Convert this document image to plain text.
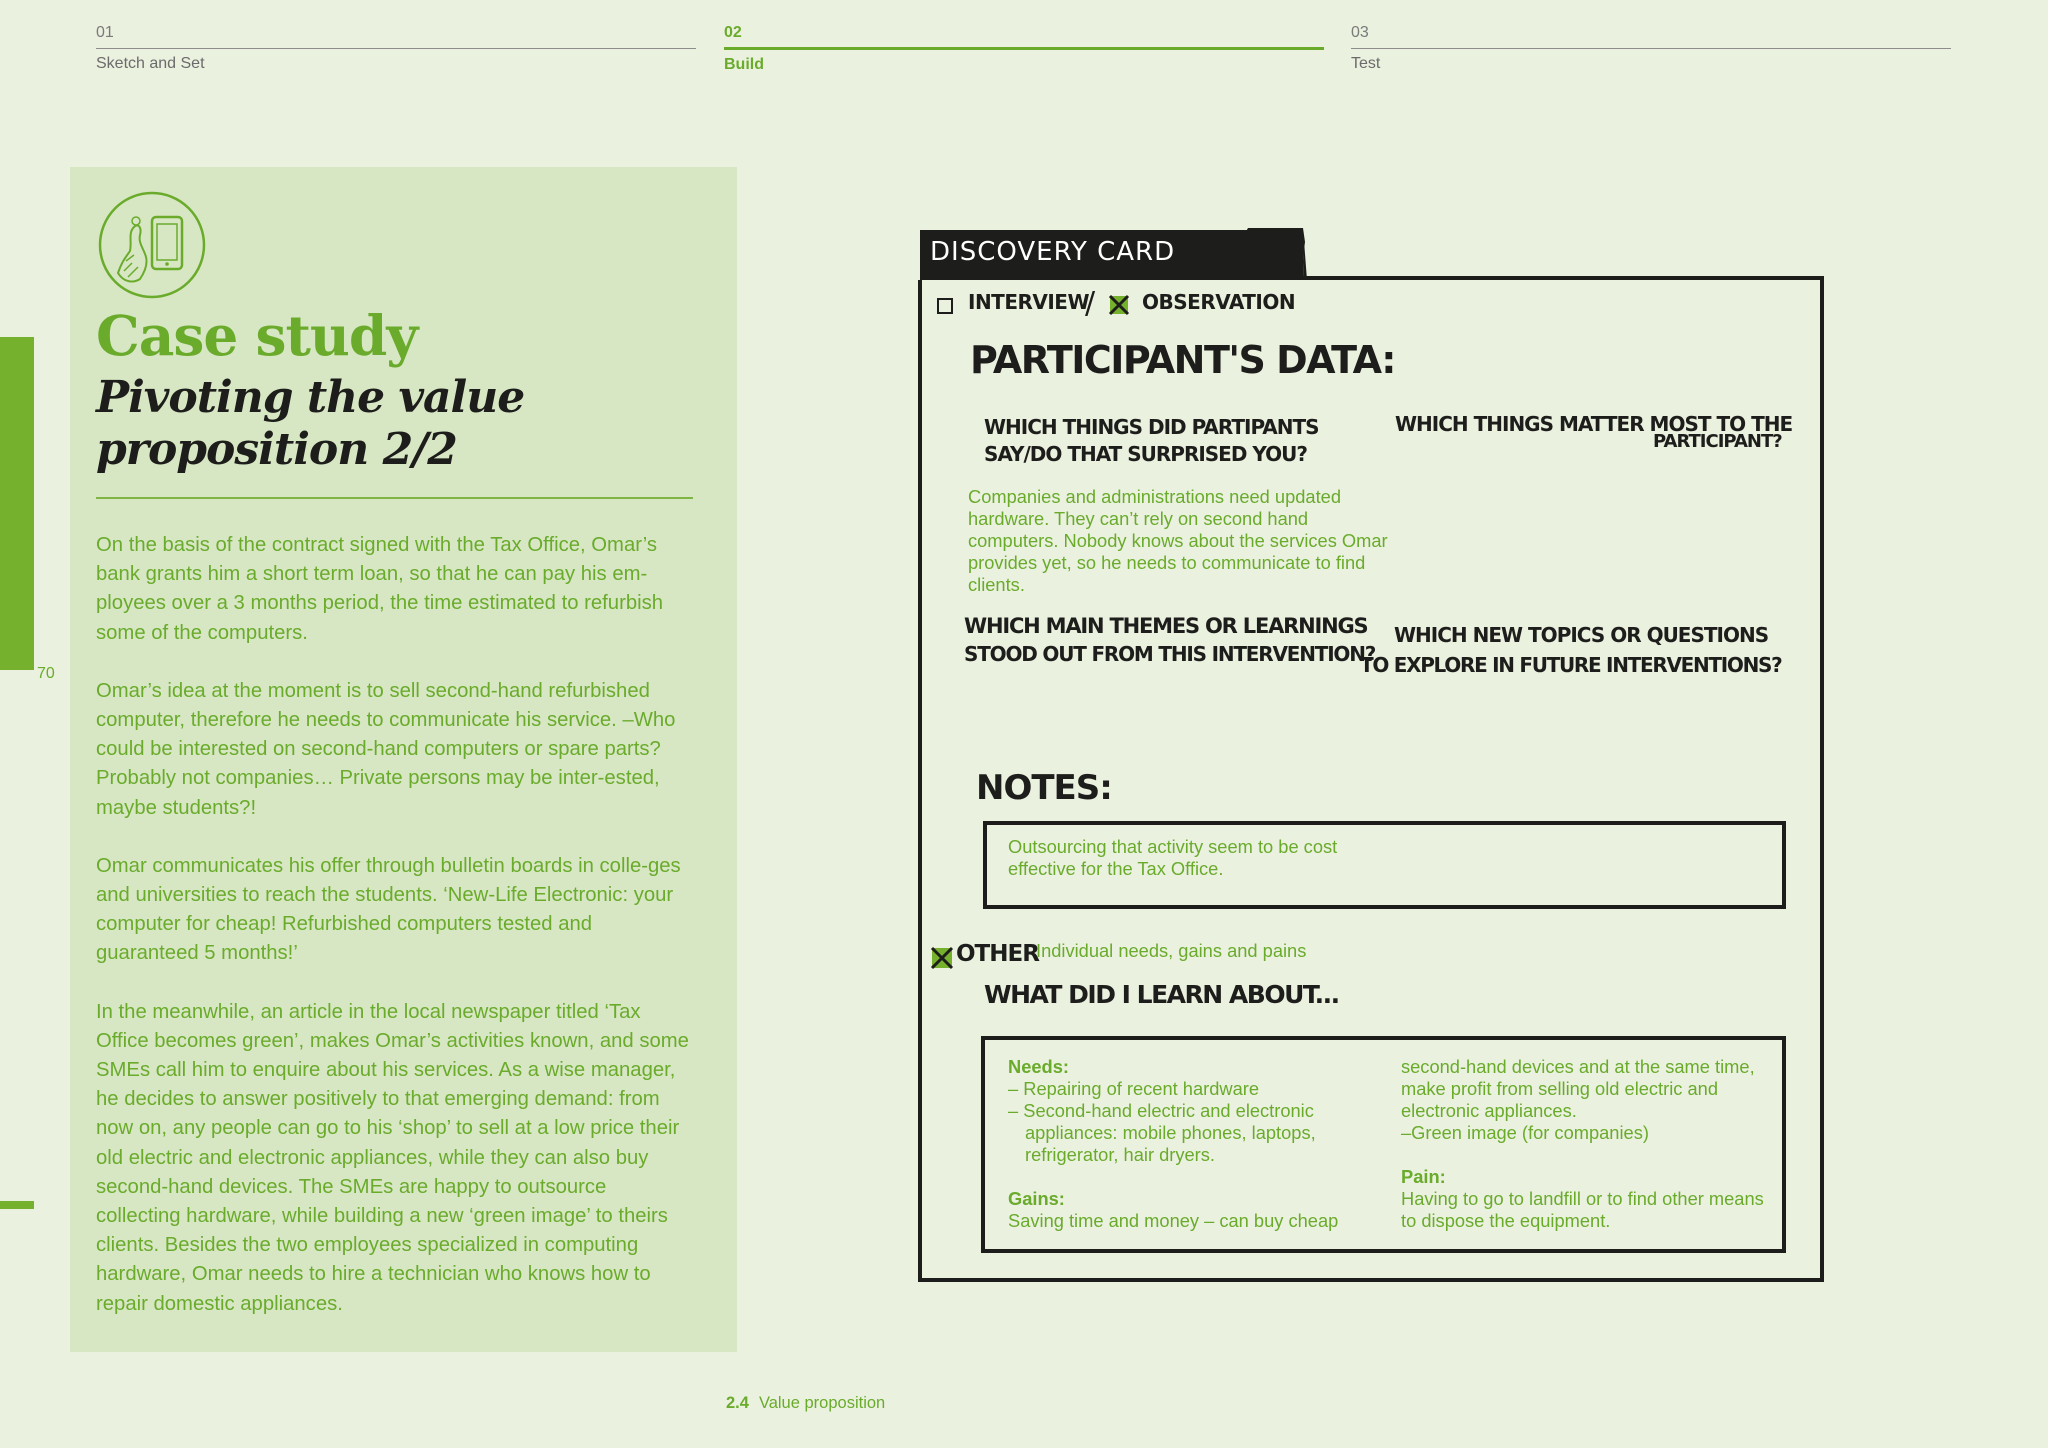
01
Sketch and Set
02
Build
03
Test
70
Case study
Pivoting the value proposition 2/2

On the basis of the contract signed with the Tax Office, Omar’s bank grants him a short term loan, so that he can pay his em-ployees over a 3 months period, the time estimated to refurbish some of the computers.

Omar’s idea at the moment is to sell second-hand refurbished computer, therefore he needs to communicate his service. –Who could be interested on second-hand computers or spare parts? Probably not companies… Private persons may be inter-ested, maybe students?!

Omar communicates his offer through bulletin boards in colle-ges and universities to reach the students. ‘New-Life Electronic: your computer for cheap! Refurbished computers tested and guaranteed 5 months!’

In the meanwhile, an article in the local newspaper titled ‘Tax Office becomes green’, makes Omar’s activities known, and some SMEs call him to enquire about his services. As a wise manager, he decides to answer positively to that emerging demand: from now on, any people can go to his ‘shop’ to sell at a low price their old electric and electronic appliances, while they can also buy second-hand devices. The SMEs are happy to outsource collecting hardware, while building a new ‘green image’ to theirs clients. Besides the two employees specialized in computing hardware, Omar needs to hire a technician who knows how to repair domestic appliances.

DISCOVERY CARD
INTERVIEW
/ OBSERVATION
PARTICIPANT'S DATA:
WHICH THINGS DID PARTIPANTS SAY/DO THAT SURPRISED YOU?
WHICH THINGS MATTER MOST TO THE
PARTICIPANT?
Companies and administrations need updated hardware. They can’t rely on second hand computers. Nobody knows about the services Omar provides yet, so he needs to communicate to find clients.
WHICH MAIN THEMES OR LEARNINGS
STOOD OUT FROM THIS INTERVENTION?
WHICH NEW TOPICS OR QUESTIONS
TO EXPLORE IN FUTURE INTERVENTIONS?
NOTES:
Outsourcing that activity seem to be cost effective for the Tax Office.
OTHER
Individual needs, gains and pains
WHAT DID I LEARN ABOUT...
Needs:
– Repairing of recent hardware
– Second-hand electric and electronic
appliances: mobile phones, laptops, refrigerator, hair dryers.
Gains:
Saving time and money – can buy cheap
second-hand devices and at the same time, make profit from selling old electric and electronic appliances.
–Green image (for companies)
Pain:
Having to go to landfill or to find other means to dispose the equipment.
2.4 Value proposition
